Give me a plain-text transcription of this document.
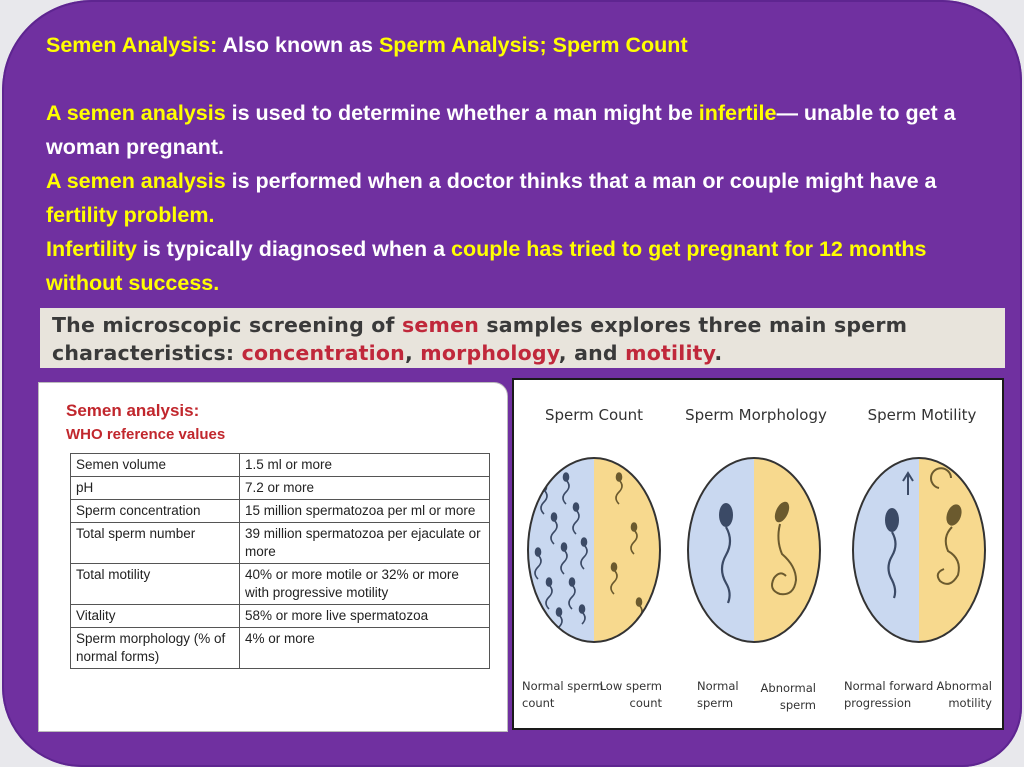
Semen Analysis: Also known as Sperm Analysis; Sperm Count

A semen analysis is used to determine whether a man might be infertile— unable to get a woman pregnant.

A semen analysis is performed when a doctor thinks that a man or couple might have a fertility problem.

Infertility is typically diagnosed when a couple has tried to get pregnant for 12 months without success.

The microscopic screening of semen samples explores three main sperm characteristics: concentration, morphology, and motility.
Semen analysis:
WHO reference values
Semen volume	1.5 ml or more
pH	7.2 or more
Sperm concentration	15 million spermatozoa per ml or more
Total sperm number	39 million spermatozoa per ejaculate or more
Total motility	40% or more motile or 32% or more with progressive motility
Vitality	58% or more live spermatozoa
Sperm morphology (% of normal forms)	4% or more
Sperm Count	Sperm Morphology	Sperm Motility
Normal sperm
count
Low sperm
count
Normal
sperm
Abnormal
sperm
Normal forward
progression
Abnormal
motility
